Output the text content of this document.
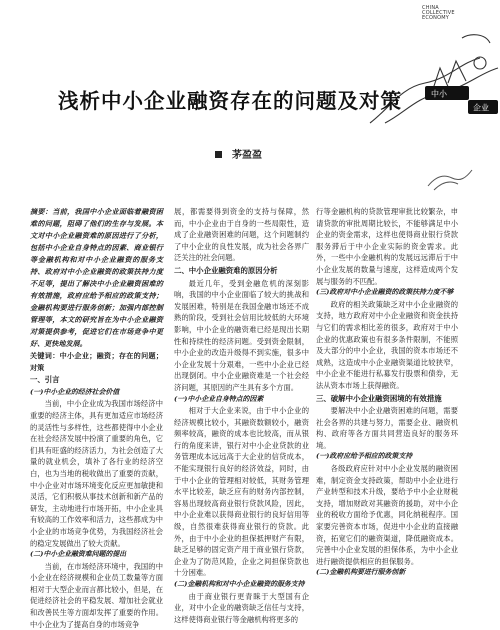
CHINA
COLLECTIVE
ECONOMY
中小
企业
浅析中小企业融资存在的问题及对策
茅盈盈

摘要：当前，我国中小企业面临着融资困难的问题，阻碍了他们的生存与发展。本文对中小企业融资难的原因进行了分析，包括中小企业自身特点的因素、商业银行等金融机构和对中小企业融资的服务支持、政府对中小企业融资的政策扶持力度不足等，提出了解决中小企业融资困难的有效措施，政府应给予相应的政策支持；金融机构要进行服务创新；加强内部控制管理等，本文的研究旨在为中小企业融资对策提供参考，促进它们在市场竞争中更好、更快地发展。

关键词：中小企业；融资；存在的问题；对策

一、引言
(一)中小企业的经济社会价值

当前，中小企业成为我国市场经济中重要的经济主体，具有更加适应市场经济的灵活性与多样性，这些都使得中小企业在社会经济发展中扮演了重要的角色，它们具有旺盛的经济活力，为社会创造了大量的就业机会，填补了各行业的经济空白，也为当地的税收做出了重要的贡献，中小企业对市场环境变化反应更加敏捷和灵活，它们积极从事技术创新和新产品的研发，主动地进行市场开拓，中小企业具有较高的工作效率和活力，这些都成为中小企业的市场竞争优势，为我国经济社会的稳定发展做出了较大贡献。

(二)中小企业融资难问题的提出

当前，在市场经济环境中，我国的中小企业在经济规模和企业员工数量等方面相对于大型企业而言都比较小，但是，在促进经济社会的平稳发展、增加社会就业和改善民生等方面却发挥了重要的作用。中小企业为了提高自身的市场竞争

展，都需要得到资金的支持与保障，然而，中小企业由于自身的一些局限性，造成了企业融资困难的问题，这个问题制约了中小企业的良性发展，成为社会各界广泛关注的社会问题。

二、中小企业融资难的原因分析

最近几年，受到金融危机的深刻影响，我国的中小企业面临了较大的挑战和发展困难，特别是在我国金融市场还不成熟的阶段，受到社会信用比较低的大环境影响，中小企业的融资难已经是现出长期性和持续性的经济问题。受到资金限制，中小企业的改造升级得不到实施，很多中小企业发展十分艰难，一些中小企业已经出现倒闭。中小企业融资难是一个社会经济问题，其原因的产生具有多个方面。

(一)中小企业自身特点的因素

相对于大企业来说，由于中小企业的经济规模比较小，其融资数额较小，融资频率较高，融资的成本也比较高，而从银行的角度来讲，银行对中小企业贷款的业务管理成本远远高于大企业的信贷成本，不能实现银行良好的经济效益，同时，由于中小企业的管理相对较低，其财务管理水平比较差，缺乏应有的财务内部控制，容易出现较高商业银行贷款风险，因此，中小企业难以获得商业银行的良好信用等级，自然很难获得商业银行的贷款。此外，由于中小企业的担保抵押财产有限，缺乏足够的固定资产用于商业银行贷款，企业为了防范风险，企业之间担保贷款也十分困难。

(二)金融机构和对中小企业融资的服务支持

由于商业银行更青睐于大型国有企业，对中小企业的融资缺乏信任与支持，这样使得商业银行等金融机构将更多的

行等金融机构的贷款管理审批比较繁杂，申请贷款的审批周期比较长，不能够满足中小企业的资金需求，这样也使得商业银行贷款服务滞后于中小企业实际的资金需求。此外，一些中小金融机构的发展远远滞后于中小企业发展的数量与速度，这样造成两个发展与服务的不匹配。

(三)政府对中小企业融资的政策扶持力度不够

政府的相关政策缺乏对中小企业融资的支持，地方政府对中小企业融资和资金扶持与它们的需求相比差的很多，政府对于中小企业的优惠政策也有很多条件限制，不能照及大部分的中小企业，我国的资本市场还不成熟，这造成中小企业融资渠道比较狭窄，中小企业不能进行私募发行股票和债券，无法从资本市场上获得融资。

三、破解中小企业融资困境的有效措施

要解决中小企业融资困难的问题，需要社会各界的共建与努力，需要企业、融资机构、政府等各方面共同营造良好的服务环境。

(一)政府应给予相应的政策支持

各级政府应针对中小企业发展的融资困难，制定资金支持政策，帮助中小企业进行产业转型和技术升级，要给予中小企业财税支持，增加财政对其融资的援助，对中小企业的税收方面给予优惠，同化纳税程序。国家要完善资本市场，促进中小企业的直接融资，拓宽它们的融资渠道，降低融资成本。完善中小企业发展的担保体系，为中小企业进行融资提供相应的担保服务。

(二)金融机构要进行服务创新
